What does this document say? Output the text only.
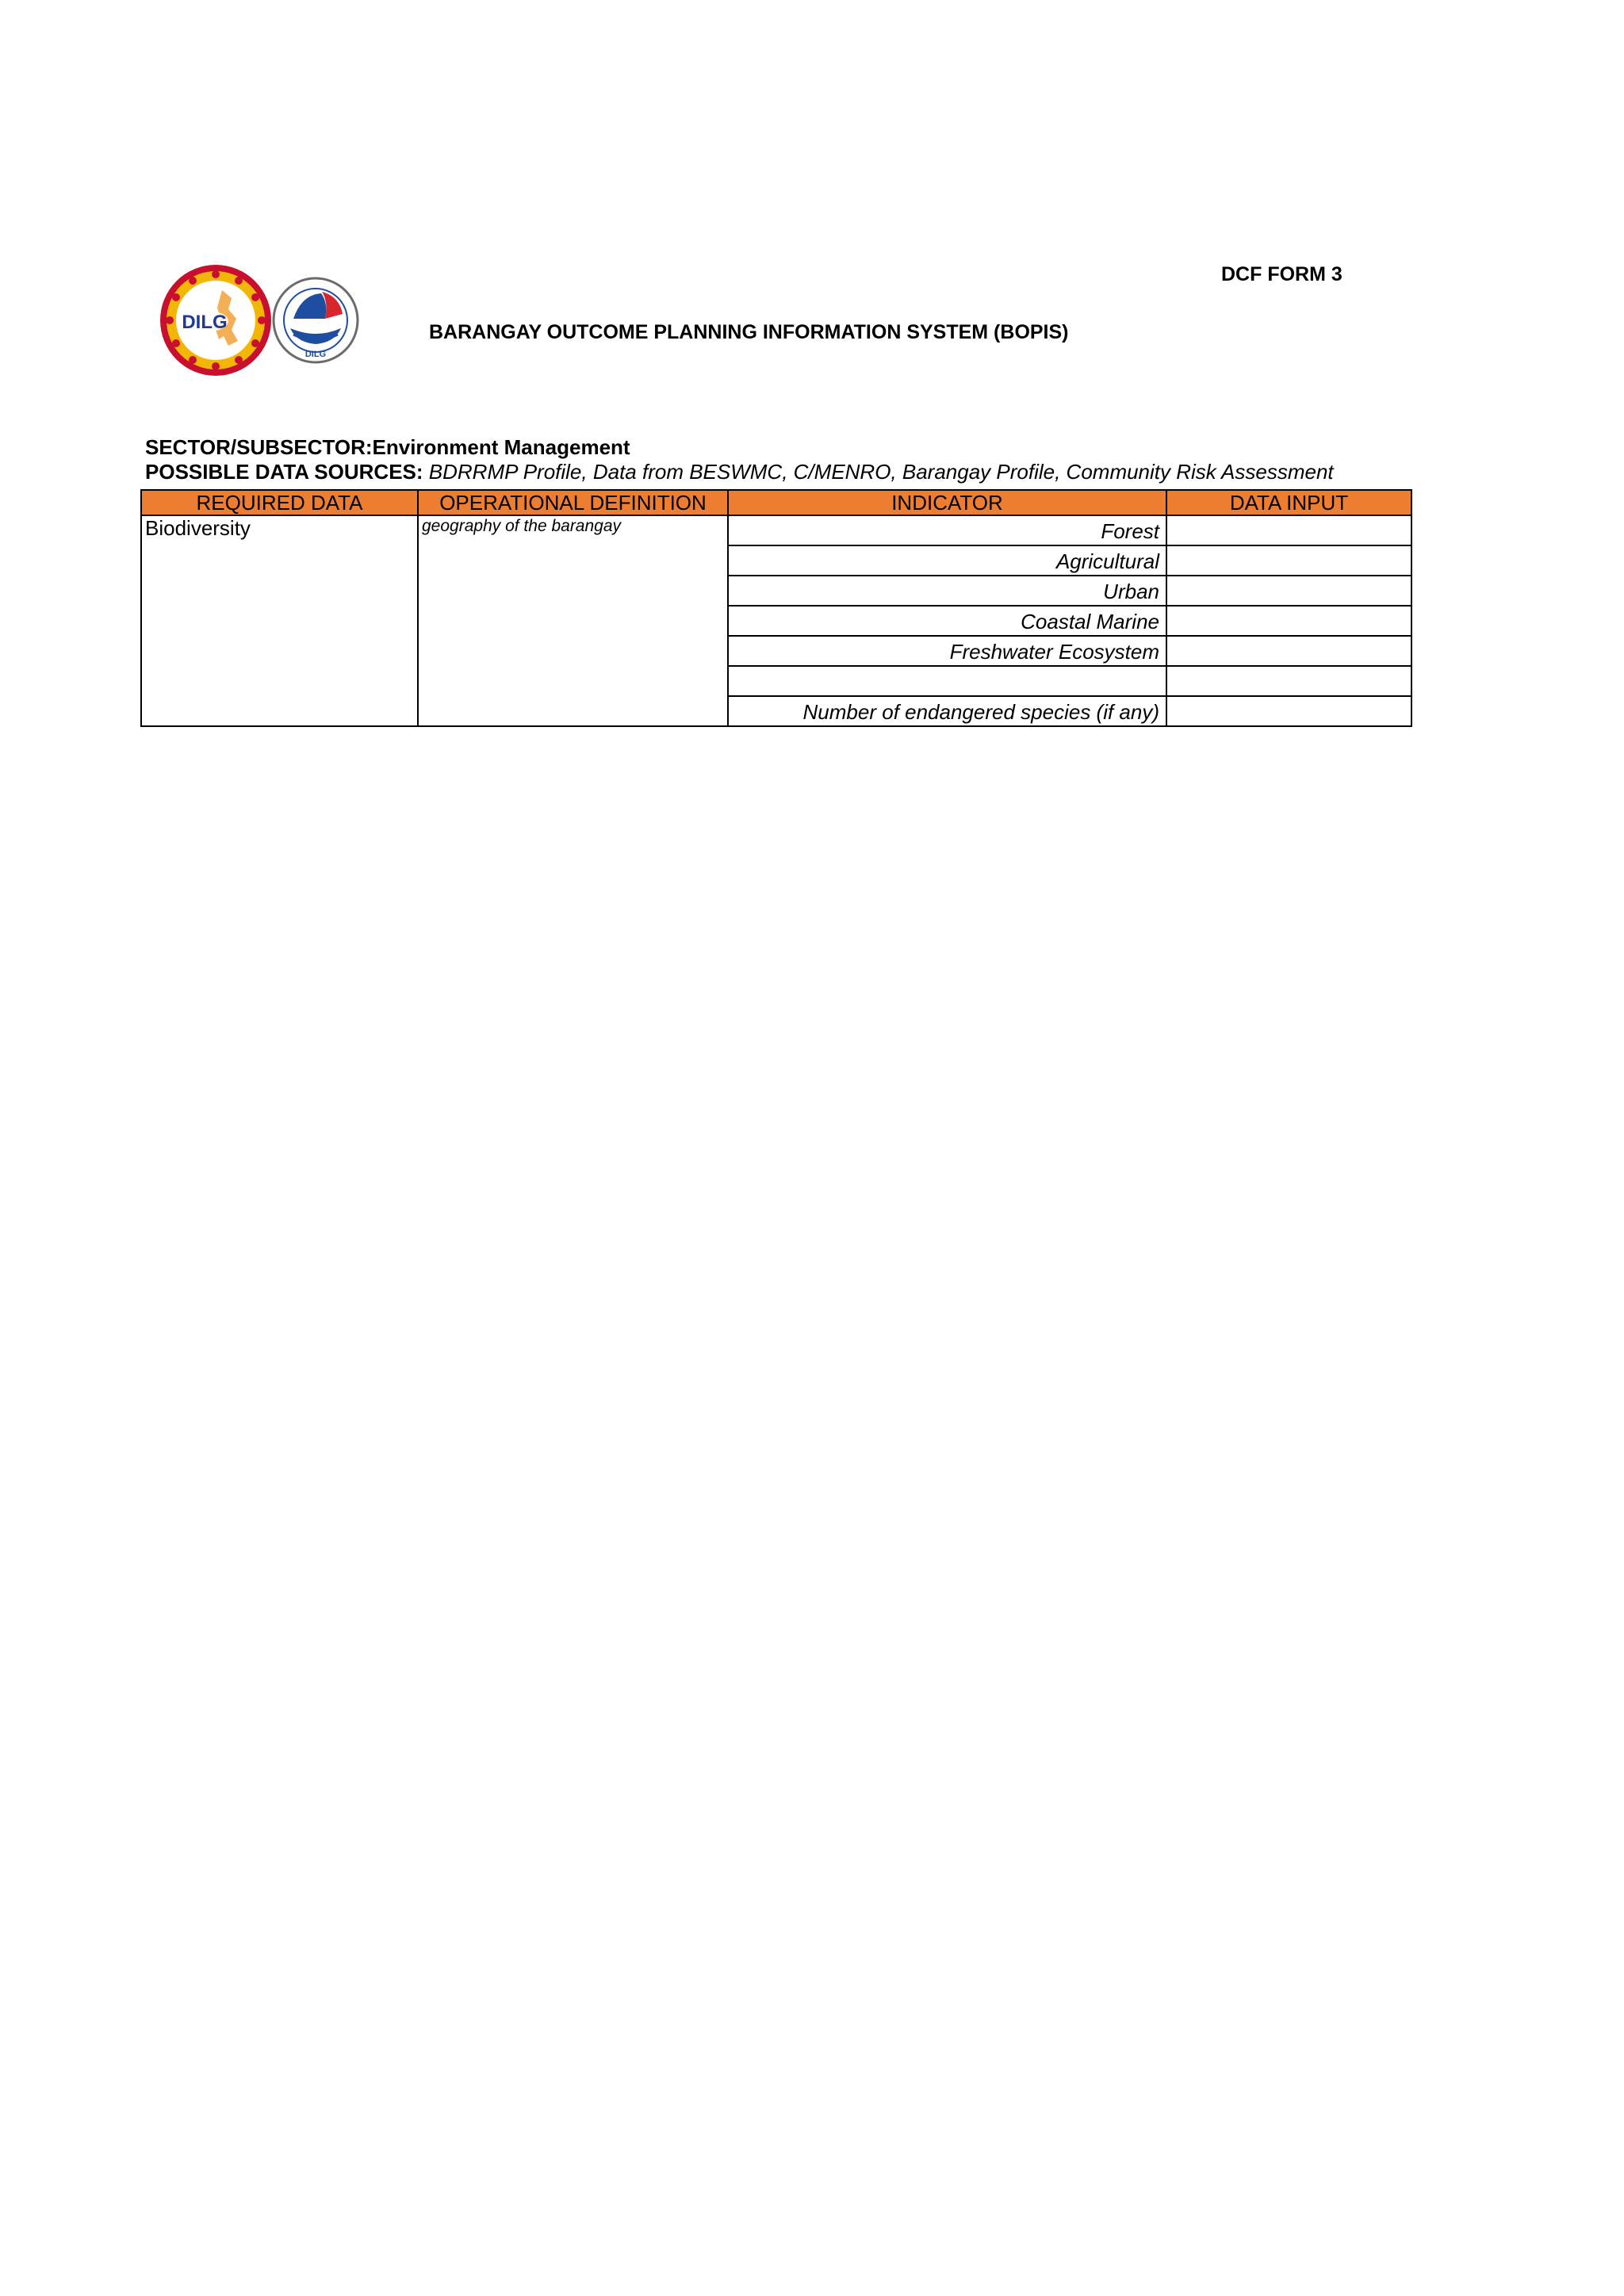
DILG
DILG
DCF FORM 3
BARANGAY OUTCOME PLANNING INFORMATION SYSTEM (BOPIS)
SECTOR/SUBSECTOR:Environment Management
POSSIBLE DATA SOURCES: BDRRMP Profile, Data from BESWMC, C/MENRO, Barangay Profile, Community Risk Assessment
REQUIRED DATA	OPERATIONAL DEFINITION	INDICATOR	DATA INPUT
Biodiversity	geography of the barangay	Forest	
		Agricultural	
		Urban	
		Coastal Marine	
		Freshwater Ecosystem	

		Number of endangered species (if any)	
